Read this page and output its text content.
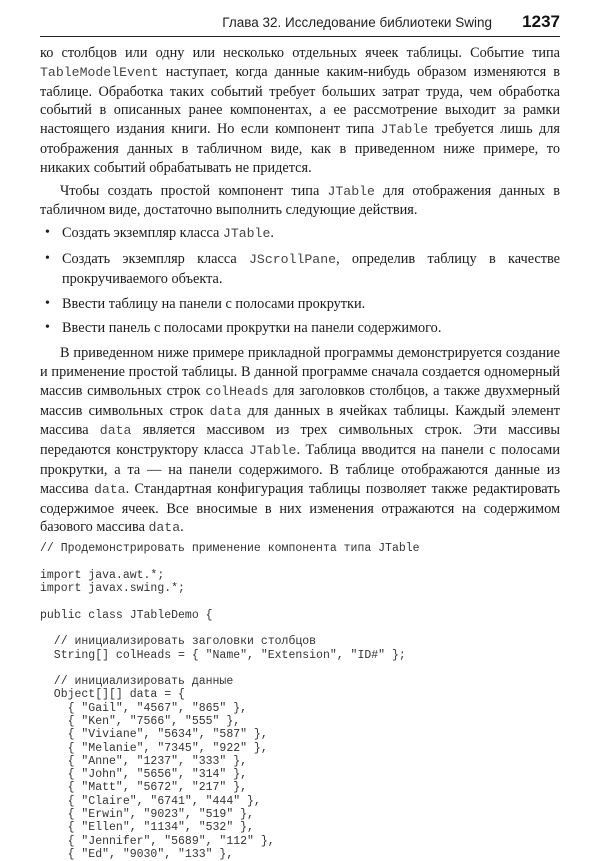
Глава 32. Исследование библиотеки Swing 1237

ко столбцов или одну или несколько отдельных ячеек таблицы. Событие типа TableModelEvent наступает, когда данные каким-нибудь образом изменяются в таблице. Обработка таких событий требует больших затрат труда, чем обработка событий в описанных ранее компонентах, а ее рассмотрение выходит за рамки настоящего издания книги. Но если компонент типа JTable требуется лишь для отображения данных в табличном виде, как в приведенном ниже примере, то никаких событий обрабатывать не придется.

Чтобы создать простой компонент типа JTable для отображения данных в табличном виде, достаточно выполнить следующие действия.

• Создать экземпляр класса JTable.
• Создать экземпляр класса JScrollPane, определив таблицу в качестве прокручиваемого объекта.
• Ввести таблицу на панели с полосами прокрутки.
• Ввести панель с полосами прокрутки на панели содержимого.

В приведенном ниже примере прикладной программы демонстрируется создание и применение простой таблицы. В данной программе сначала создается одномерный массив символьных строк colHeads для заголовков столбцов, а также двухмерный массив символьных строк data для данных в ячейках таблицы. Каждый элемент массива data является массивом из трех символьных строк. Эти массивы передаются конструктору класса JTable. Таблица вводится на панели с полосами прокрутки, а та — на панели содержимого. В таблице отображаются данные из массива data. Стандартная конфигурация таблицы позволяет также редактировать содержимое ячеек. Все вносимые в них изменения отражаются на содержимом базового массива data.

// Продемонстрировать применение компонента типа JTable

import java.awt.*;
import javax.swing.*;

public class JTableDemo {

// инициализировать заголовки столбцов
String[] colHeads = { "Name", "Extension", "ID#" };

// инициализировать данные
Object[][] data = {
{ "Gail", "4567", "865" },
{ "Ken", "7566", "555" },
{ "Viviane", "5634", "587" },
{ "Melanie", "7345", "922" },
{ "Anne", "1237", "333" },
{ "John", "5656", "314" },
{ "Matt", "5672", "217" },
{ "Claire", "6741", "444" },
{ "Erwin", "9023", "519" },
{ "Ellen", "1134", "532" },
{ "Jennifer", "5689", "112" },
{ "Ed", "9030", "133" },
